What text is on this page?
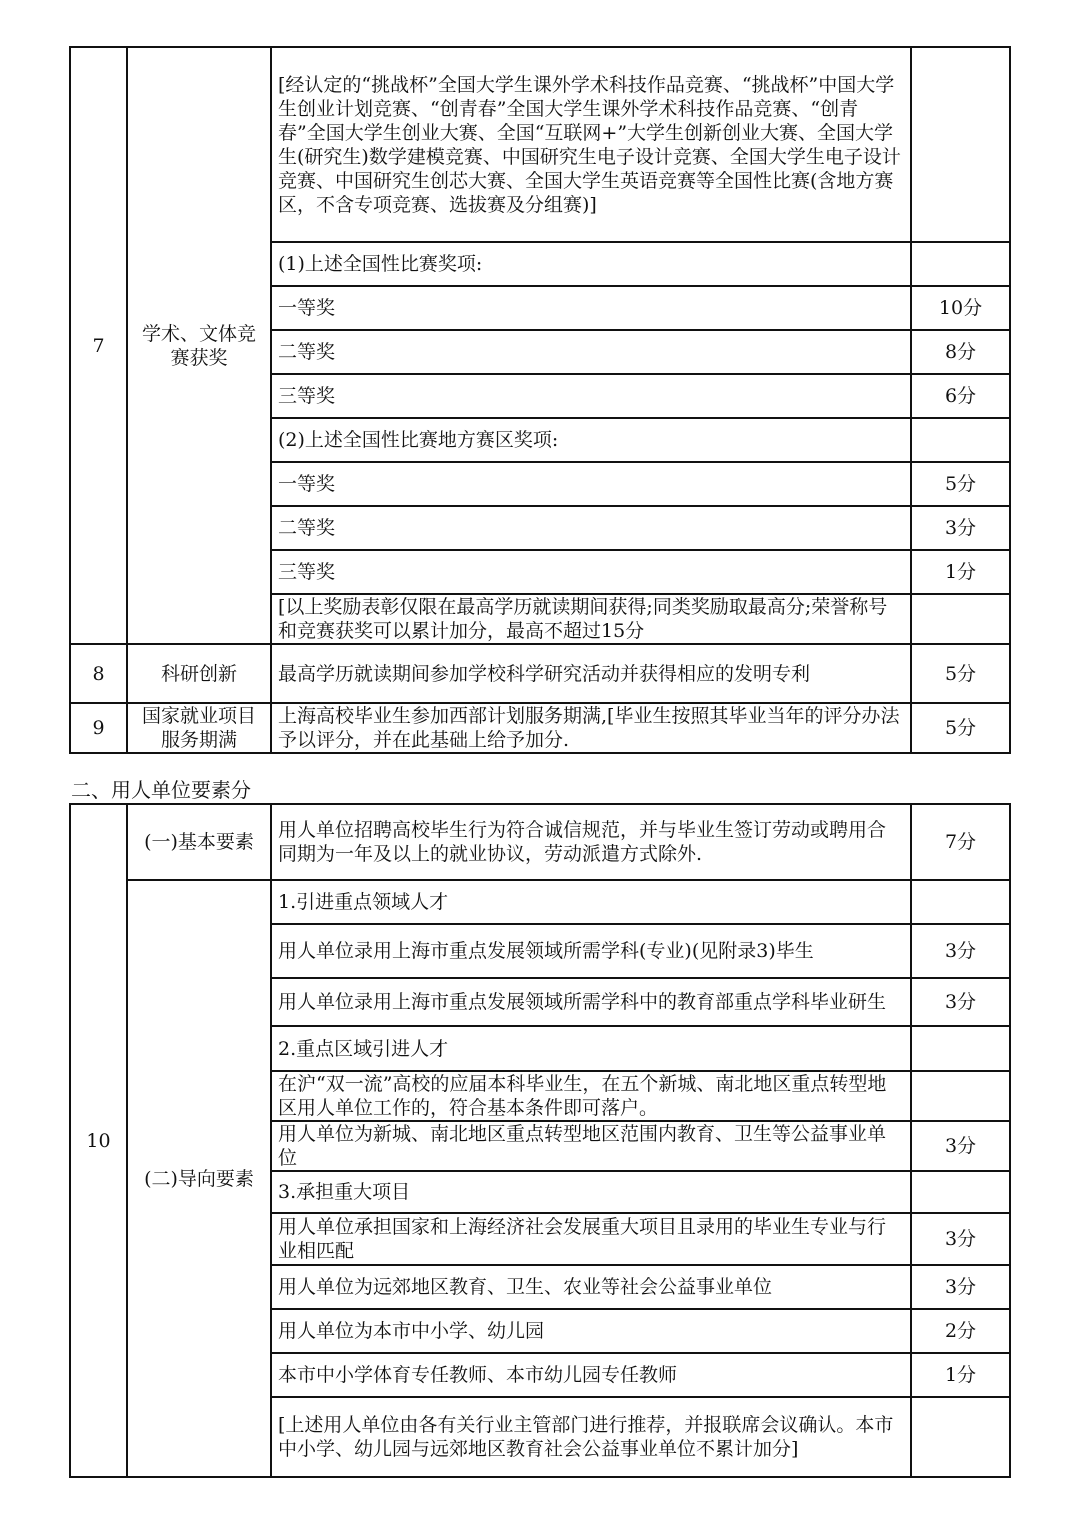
7	学术、文体竞赛获奖	[经认定的“挑战杯”全国大学生课外学术科技作品竞赛、“挑战杯”中国大学生创业计划竞赛、“创青春”全国大学生课外学术科技作品竞赛、“创青春”全国大学生创业大赛、全国“互联网+”大学生创新创业大赛、全国大学生(研究生)数学建模竞赛、中国研究生电子设计竞赛、全国大学生电子设计竞赛、中国研究生创芯大赛、全国大学生英语竞赛等全国性比赛(含地方赛区，不含专项竞赛、选拔赛及分组赛)]	
		(1)上述全国性比赛奖项:	
		一等奖	10分
		二等奖	8分
		三等奖	6分
		(2)上述全国性比赛地方赛区奖项:	
		一等奖	5分
		二等奖	3分
		三等奖	1分
		[以上奖励表彰仅限在最高学历就读期间获得;同类奖励取最高分;荣誉称号和竞赛获奖可以累计加分，最高不超过15分	
8	科研创新	最高学历就读期间参加学校科学研究活动并获得相应的发明专利	5分
9	国家就业项目服务期满	上海高校毕业生参加西部计划服务期满,[毕业生按照其毕业当年的评分办法予以评分，并在此基础上给予加分.	5分
二、用人单位要素分
10	(一)基本要素	用人单位招聘高校毕生行为符合诚信规范，并与毕业生签订劳动或聘用合同期为一年及以上的就业协议，劳动派遣方式除外.	7分
	(二)导向要素	1.引进重点领域人才	
		用人单位录用上海市重点发展领域所需学科(专业)(见附录3)毕生	3分
		用人单位录用上海市重点发展领域所需学科中的教育部重点学科毕业研生	3分
		2.重点区域引进人才	
		在沪“双一流”高校的应届本科毕业生，在五个新城、南北地区重点转型地区用人单位工作的，符合基本条件即可落户。	
		用人单位为新城、南北地区重点转型地区范围内教育、卫生等公益事业单位	3分
		3.承担重大项目	
		用人单位承担国家和上海经济社会发展重大项目且录用的毕业生专业与行业相匹配	3分
		用人单位为远郊地区教育、卫生、农业等社会公益事业单位	3分
		用人单位为本市中小学、幼儿园	2分
		本市中小学体育专任教师、本市幼儿园专任教师	1分
		[上述用人单位由各有关行业主管部门进行推荐，并报联席会议确认。本市中小学、幼儿园与远郊地区教育社会公益事业单位不累计加分]	
